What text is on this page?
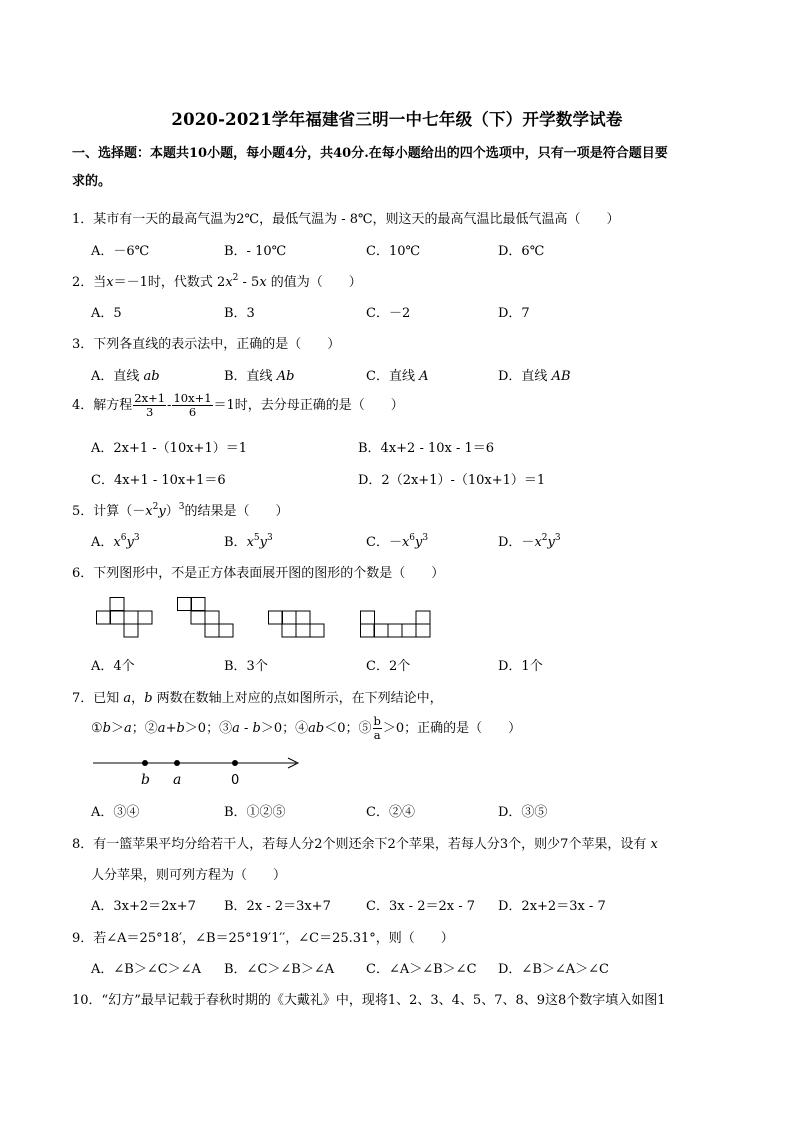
2020-2021学年福建省三明一中七年级（下）开学数学试卷
一、选择题：本题共10小题，每小题4分，共40分.在每小题给出的四个选项中，只有一项是符合题目要
求的。
1．某市有一天的最高气温为2℃，最低气温为 - 8℃，则这天的最高气温比最低气温高（　　）
A．－6℃	B．- 10℃	C．10℃	D．6℃
2．当x＝－1时，代数式 $2x^2 - 5x$ 的值为（　　）
A．5	B．3	C．－2	D．7
3．下列各直线的表示法中，正确的是（　　）
A．直线 ab	B．直线 Ab	C．直线 A	D．直线 AB
4．解方程 $\frac{2x+1}{3} - \frac{10x+1}{6} =1$时，去分母正确的是（　　）
A．2x+1 -（10x+1）＝1	B．4x+2 - 10x - 1＝6
C．4x+1 - 10x+1＝6	D．2（2x+1）-（10x+1）＝1
5．计算$(-x^2y)^3$的结果是（　　）
A．$x^6y^3$	B．$x^5y^3$	C．$-x^6y^3$	D．$-x^2y^3$
6．下列图形中，不是正方体表面展开图的图形的个数是（　　）
A．4个	B．3个	C．2个	D．1个
7．已知 a，b 两数在数轴上对应的点如图所示，在下列结论中，
①b＞a；②a+b＞0；③a - b＞0；④ab＜0；⑤ $\frac{b}{a} >0$；正确的是（　　）
b a	0
A．③④	B．①②⑤	C．②④	D．③⑤
8．有一篮苹果平均分给若干人，若每人分2个则还余下2个苹果，若每人分3个，则少7个苹果，设有 x
人分苹果，则可列方程为（　　）
A．3x+2＝2x+7 B．2x - 2＝3x+7	C．3x - 2＝2x - 7 D．2x+2＝3x - 7
9．若∠A＝25°18′，∠B＝25°19′1′′，∠C＝25.31°，则（　　）
A．∠B＞∠C＞∠A B．∠C＞∠B＞∠A C．∠A＞∠B＞∠C D．∠B＞∠A＞∠C
10．“幻方”最早记载于春秋时期的《大戴礼》中，现将1、2、3、4、5、7、8、9这8个数字填入如图1
